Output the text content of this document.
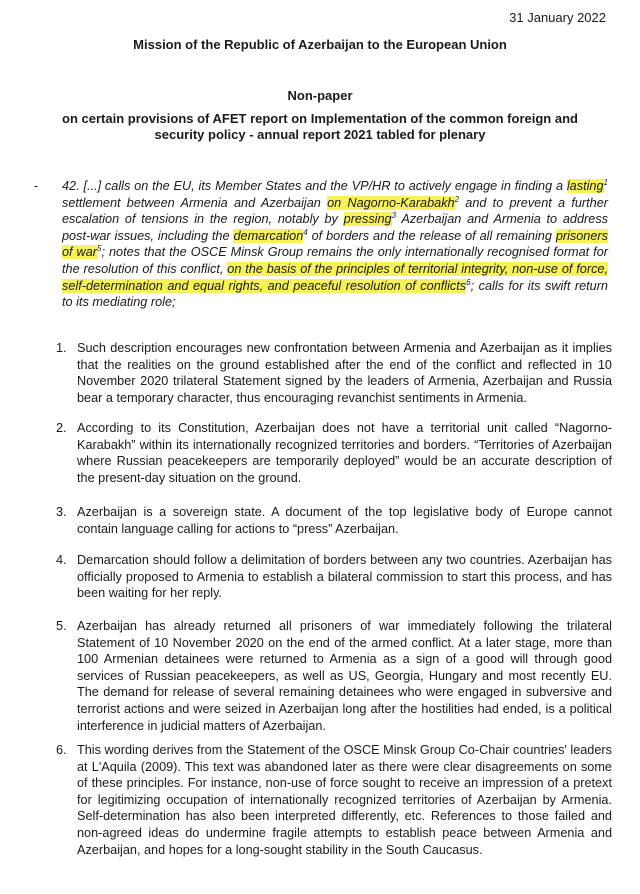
31 January 2022
Mission of the Republic of Azerbaijan to the European Union
Non-paper
on certain provisions of AFET report on Implementation of the common foreign and security policy - annual report 2021 tabled for plenary
- 42. [...] calls on the EU, its Member States and the VP/HR to actively engage in finding a lasting$^1$ settlement between Armenia and Azerbaijan on Nagorno-Karabakh$^2$ and to prevent a further escalation of tensions in the region, notably by pressing$^3$ Azerbaijan and Armenia to address post-war issues, including the demarcation$^4$ of borders and the release of all remaining prisoners of war$^5$; notes that the OSCE Minsk Group remains the only internationally recognised format for the resolution of this conflict, on the basis of the principles of territorial integrity, non-use of force, self-determination and equal rights, and peaceful resolution of conflicts$^6$; calls for its swift return to its mediating role;
1. Such description encourages new confrontation between Armenia and Azerbaijan as it implies that the realities on the ground established after the end of the conflict and reflected in 10 November 2020 trilateral Statement signed by the leaders of Armenia, Azerbaijan and Russia bear a temporary character, thus encouraging revanchist sentiments in Armenia.
2. According to its Constitution, Azerbaijan does not have a territorial unit called “Nagorno-Karabakh” within its internationally recognized territories and borders. “Territories of Azerbaijan where Russian peacekeepers are temporarily deployed” would be an accurate description of the present-day situation on the ground.
3. Azerbaijan is a sovereign state. A document of the top legislative body of Europe cannot contain language calling for actions to “press” Azerbaijan.
4. Demarcation should follow a delimitation of borders between any two countries. Azerbaijan has officially proposed to Armenia to establish a bilateral commission to start this process, and has been waiting for her reply.
5. Azerbaijan has already returned all prisoners of war immediately following the trilateral Statement of 10 November 2020 on the end of the armed conflict. At a later stage, more than 100 Armenian detainees were returned to Armenia as a sign of a good will through good services of Russian peacekeepers, as well as US, Georgia, Hungary and most recently EU. The demand for release of several remaining detainees who were engaged in subversive and terrorist actions and were seized in Azerbaijan long after the hostilities had ended, is a political interference in judicial matters of Azerbaijan.
6. This wording derives from the Statement of the OSCE Minsk Group Co-Chair countries' leaders at L'Aquila (2009). This text was abandoned later as there were clear disagreements on some of these principles. For instance, non-use of force sought to receive an impression of a pretext for legitimizing occupation of internationally recognized territories of Azerbaijan by Armenia. Self-determination has also been interpreted differently, etc. References to those failed and non-agreed ideas do undermine fragile attempts to establish peace between Armenia and Azerbaijan, and hopes for a long-sought stability in the South Caucasus.
